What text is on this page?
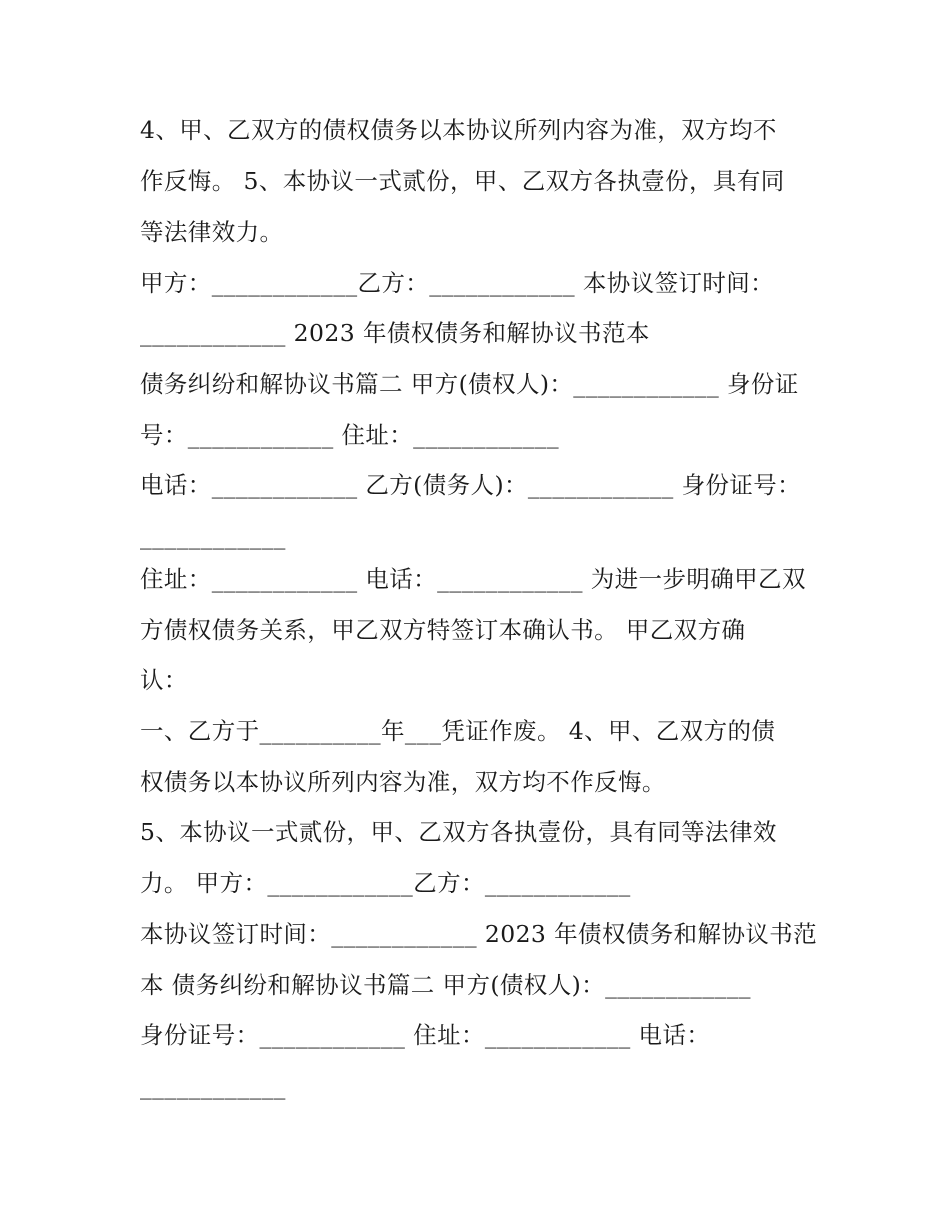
4、甲、乙双方的债权债务以本协议所列内容为准，双方均不
作反悔。 5、本协议一式贰份，甲、乙双方各执壹份，具有同
等法律效力。
甲方：____________乙方：____________ 本协议签订时间：
____________ 2023 年债权债务和解协议书范本
债务纠纷和解协议书篇二 甲方(债权人)：____________ 身份证
号：____________ 住址：____________
电话：____________ 乙方(债务人)：____________ 身份证号：
____________
住址：____________ 电话：____________ 为进一步明确甲乙双
方债权债务关系，甲乙双方特签订本确认书。 甲乙双方确
认：
一、乙方于__________年___凭证作废。 4、甲、乙双方的债
权债务以本协议所列内容为准，双方均不作反悔。
5、本协议一式贰份，甲、乙双方各执壹份，具有同等法律效
力。 甲方：____________乙方：____________
本协议签订时间：____________ 2023 年债权债务和解协议书范
本 债务纠纷和解协议书篇二 甲方(债权人)：____________
身份证号：____________ 住址：____________ 电话：
____________
